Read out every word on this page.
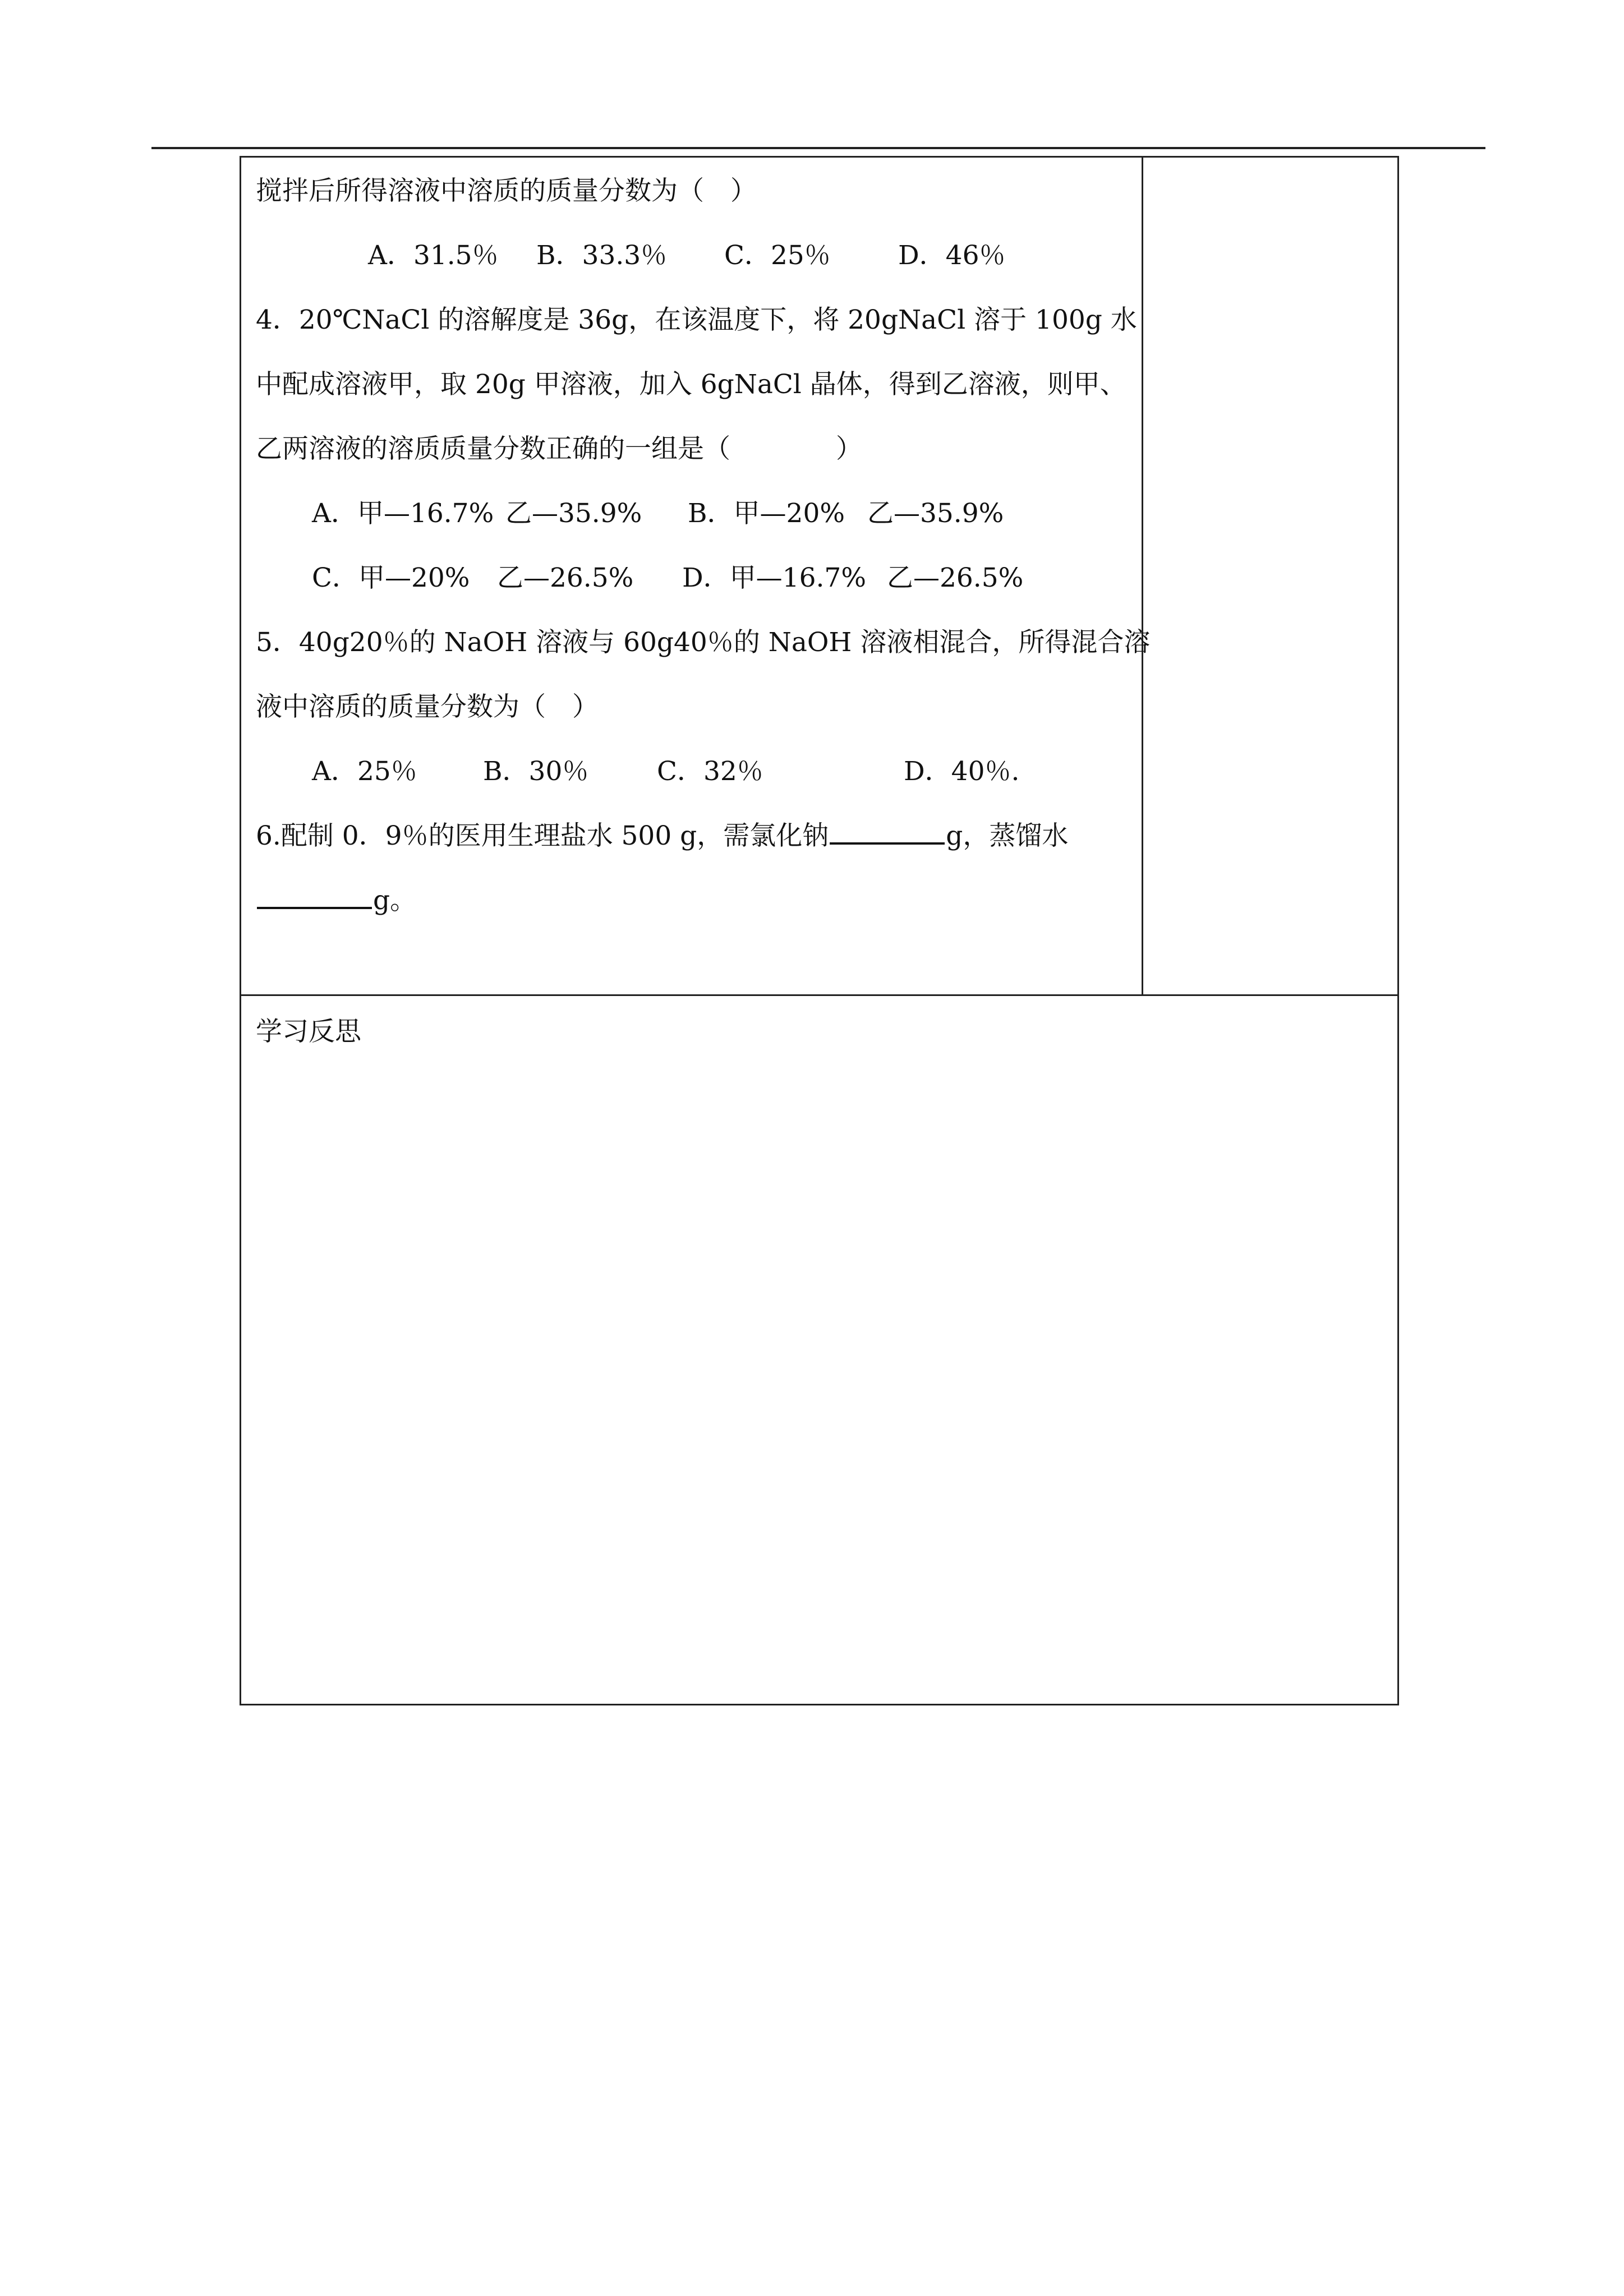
搅拌后所得溶液中溶质的质量分数为（　）
A．31.5％ B．33.3％ C．25％	D．46％
4．20℃NaCl 的溶解度是 36g，在该温度下，将 20gNaCl 溶于 100g 水
中配成溶液甲，取 20g 甲溶液，加入 6gNaCl 晶体，得到乙溶液，则甲、
乙两溶液的溶质质量分数正确的一组是（　　　　）
A．甲—16.7% 乙—35.9% B．甲—20% 乙—35.9%
C．甲—20% 乙—26.5% D．甲—16.7% 乙—26.5%
5．40g20％的 NaOH 溶液与 60g40％的 NaOH 溶液相混合，所得混合溶
液中溶质的质量分数为（　）
A．25％ B．30％	C．32％	D．40％.
6.配制 0．9％的医用生理盐水 500 g，需氯化钠	g，蒸馏水
g。
学习反思
